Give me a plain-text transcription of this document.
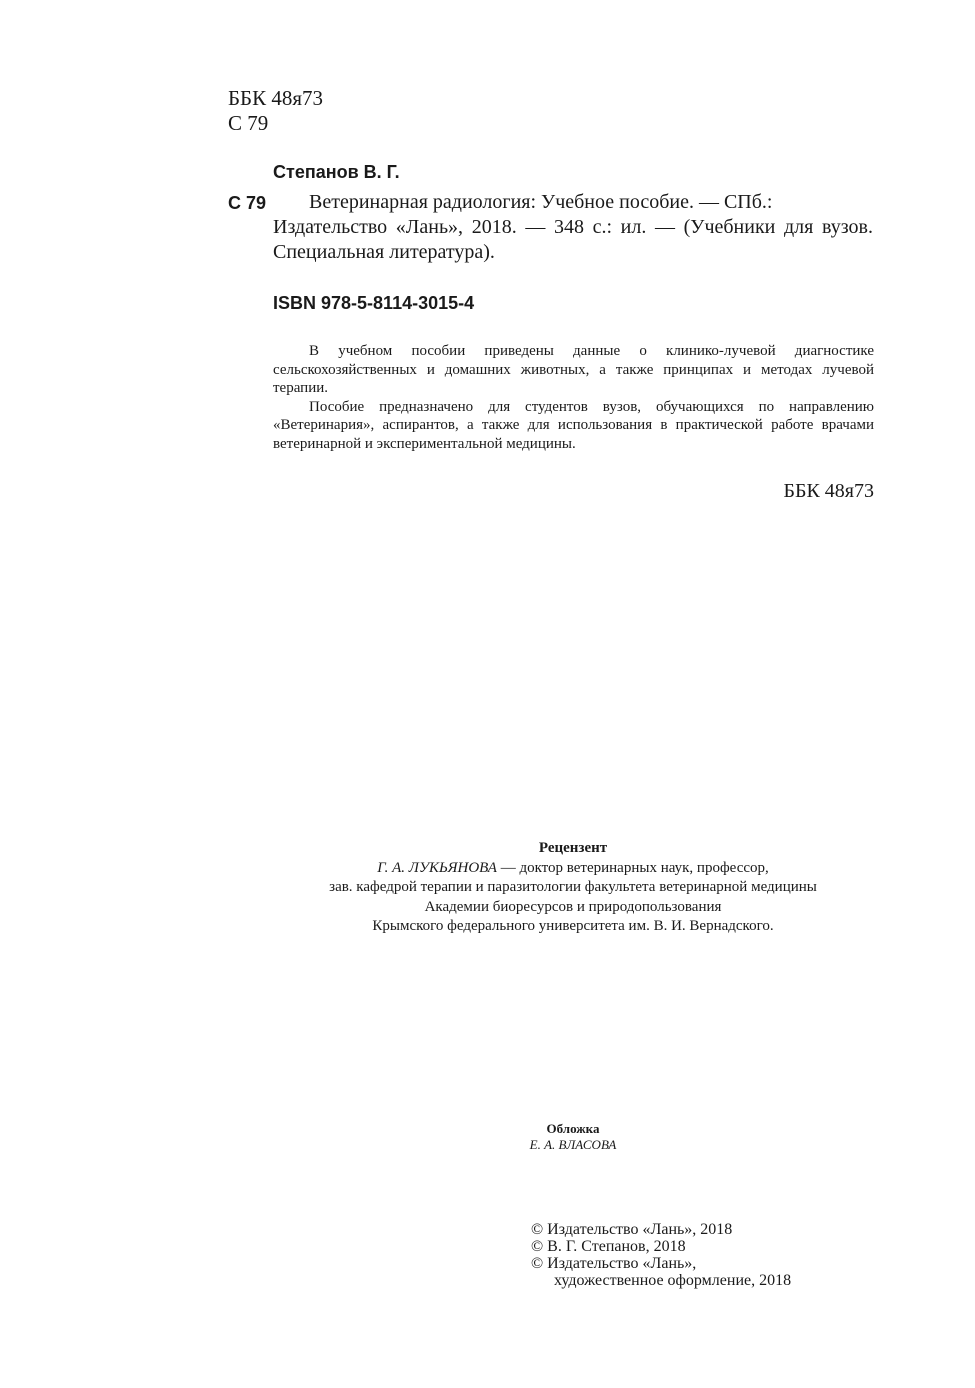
ББК 48я73
С 79
Степанов В. Г.
С 79	Ветеринарная радиология: Учебное пособие. — СПб.:
Издательство «Лань», 2018. — 348 с.: ил. — (Учебники для вузов. Специальная литература).
ISBN 978-5-8114-3015-4

В учебном пособии приведены данные о клинико-лучевой диагностике сельскохозяйственных и домашних животных, а также принципах и методах лучевой терапии.

Пособие предназначено для студентов вузов, обучающихся по направлению «Ветеринария», аспирантов, а также для использования в практической работе врачами ветеринарной и экспериментальной медицины.

ББК 48я73
Рецензент
Г. А. ЛУКЬЯНОВА — доктор ветеринарных наук, профессор,
зав. кафедрой терапии и паразитологии факультета ветеринарной медицины
Академии биоресурсов и природопользования
Крымского федерального университета им. В. И. Вернадского.
Обложка
Е. А. ВЛАСОВА
© Издательство «Лань», 2018
© В. Г. Степанов, 2018
© Издательство «Лань»,
художественное оформление, 2018
